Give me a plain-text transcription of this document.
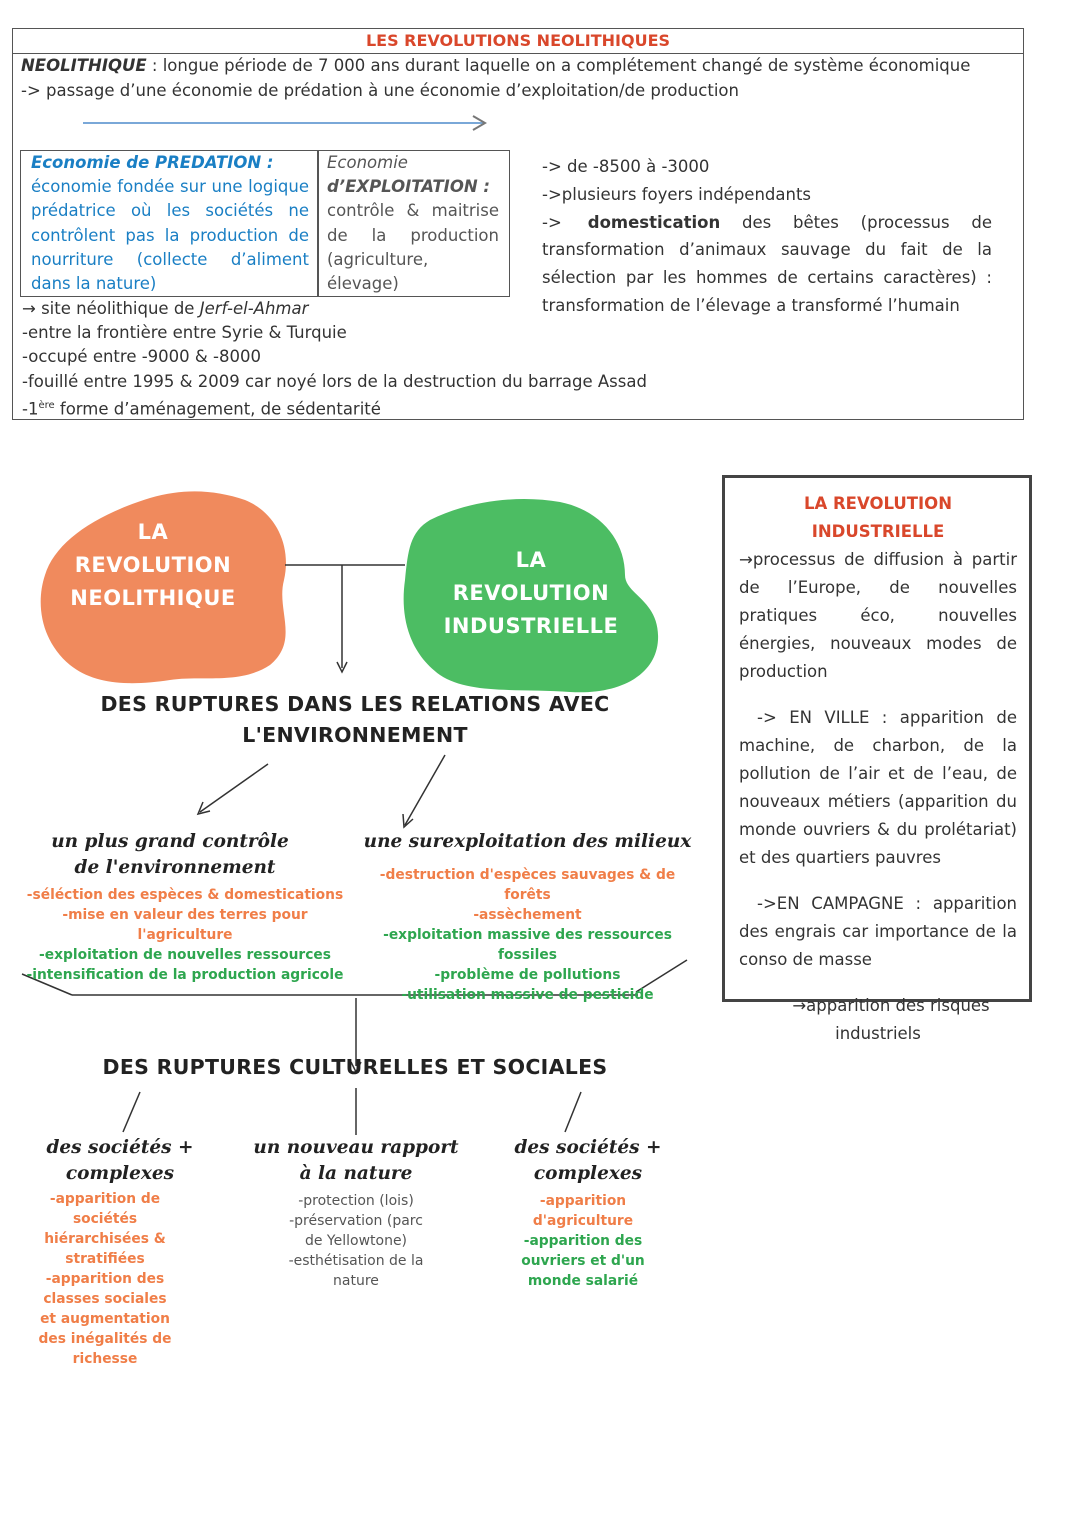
LES REVOLUTIONS NEOLITHIQUES
NEOLITHIQUE : longue période de 7 000 ans durant laquelle on a complétement changé de système économique
-> passage d’une économie de prédation à une économie d’exploitation/de production
Economie de PREDATION :
économie fondée sur une logique
prédatrice où les sociétés ne
contrôlent pas la production de
nourriture (collecte d’aliment
dans la nature)
Economie
d’EXPLOITATION :
contrôle & maitrise
de la production
(agriculture, élevage)
→ site néolithique de Jerf-el-Ahmar
-entre la frontière entre Syrie & Turquie
-occupé entre -9000 & -8000
-fouillé entre 1995 & 2009 car noyé lors de la destruction du barrage Assad
-1ère forme d’aménagement, de sédentarité
-> de -8500 à -3000
->plusieurs foyers indépendants
-> domestication des bêtes (processus de transformation d’animaux sauvage du fait de la sélection par les hommes de certains caractères) : transformation de l’élevage a transformé l’humain
LA
REVOLUTION
NEOLITHIQUE
LA
REVOLUTION
INDUSTRIELLE
DES RUPTURES DANS LES RELATIONS AVEC
L'ENVIRONNEMENT
un plus grand contrôle
de l'environnement
-séléction des espèces & domestications
-mise en valeur des terres pour l'agriculture
-exploitation de nouvelles ressources
-intensification de la production agricole
une surexploitation des milieux
-destruction d'espèces sauvages & de forêts
-assèchement
-exploitation massive des ressources fossiles
-problème de pollutions
-utilisation massive de pesticide
DES RUPTURES CULTURELLES ET SOCIALES
des sociétés +
complexes
-apparition de
sociétés
hiérarchisées &
stratifiées
-apparition des
classes sociales
et augmentation
des inégalités de
richesse
un nouveau rapport
à la nature
-protection (lois)
-préservation (parc
de Yellowtone)
-esthétisation de la
nature
des sociétés +
complexes
-apparition
d'agriculture
-apparition des
ouvriers et d'un
monde salarié
LA REVOLUTION INDUSTRIELLE
→processus de diffusion à partir de l’Europe, de nouvelles pratiques éco, nouvelles énergies, nouveaux modes de production
-> EN VILLE : apparition de machine, de charbon, de la pollution de l’air et de l’eau, de nouveaux métiers (apparition du monde ouvriers & du prolétariat) et des quartiers pauvres
->EN CAMPAGNE : apparition des engrais car importance de la conso de masse
→apparition des risques
industriels
